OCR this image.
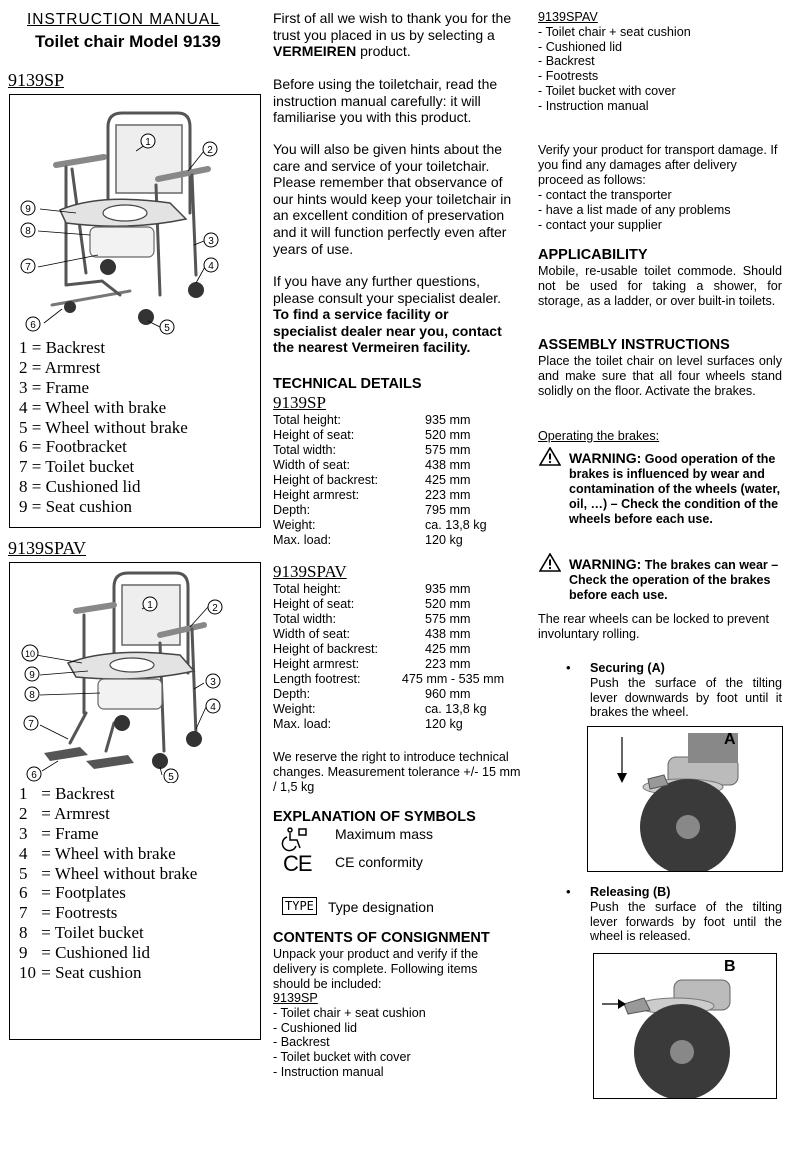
INSTRUCTION MANUAL
Toilet chair Model 9139
9139SP
1
2
3
4
5
6
7
8
9
1 = Backrest
2 = Armrest
3 = Frame
4 = Wheel with brake
5 = Wheel without brake
6 = Footbracket
7 = Toilet bucket
8 = Cushioned lid
9 = Seat cushion
9139SPAV
1	2
3
4
5
6
7
8
9
10
1 = Backrest
2 = Armrest
3 = Frame
4 = Wheel with brake
5 = Wheel without brake
6 = Footplates
7 = Footrests
8 = Toilet bucket
9 = Cushioned lid
10 = Seat cushion
First of all we wish to thank you for the trust you placed in us by selecting a VERMEIREN product.
Before using the toiletchair, read the instruction manual carefully: it will familiarise you with this product.
You will also be given hints about the care and service of your toiletchair. Please remember that observance of our hints would keep your toiletchair in an excellent condition of preservation and it will function perfectly even after years of use.
If you have any further questions, please consult your specialist dealer. To find a service facility or specialist dealer near you, contact the nearest Vermeiren facility.
TECHNICAL DETAILS
9139SP
Total height:	935 mm
Height of seat:	520 mm
Total width:	575 mm
Width of seat:	438 mm
Height of backrest:	425 mm
Height armrest:	223 mm
Depth:	795 mm
Weight:	ca. 13,8 kg
Max. load:	120 kg
9139SPAV
Total height:	935 mm
Height of seat:	520 mm
Total width:	575 mm
Width of seat:	438 mm
Height of backrest:	425 mm
Height armrest:	223 mm
Length footrest:	475 mm - 535 mm
Depth:	960 mm
Weight:	ca. 13,8 kg
Max. load:	120 kg
We reserve the right to introduce technical changes. Measurement tolerance +/- 15 mm / 1,5 kg
EXPLANATION OF SYMBOLS
Maximum mass
CE CE conformity
TYPE Type designation
CONTENTS OF CONSIGNMENT
Unpack your product and verify if the delivery is complete. Following items should be included:
9139SP
- Toilet chair + seat cushion
- Cushioned lid
- Backrest
- Toilet bucket with cover
- Instruction manual
9139SPAV
- Toilet chair + seat cushion
- Cushioned lid
- Backrest
- Footrests
- Toilet bucket with cover
- Instruction manual
Verify your product for transport damage. If you find any damages after delivery proceed as follows:
- contact the transporter
- have a list made of any problems
- contact your supplier
APPLICABILITY
Mobile, re-usable toilet commode. Should not be used for taking a shower, for storage, as a ladder, or over built-in toilets.
ASSEMBLY INSTRUCTIONS
Place the toilet chair on level surfaces only and make sure that all four wheels stand solidly on the floor. Activate the brakes.
Operating the brakes:
WARNING: Good operation of the brakes is influenced by wear and contamination of the wheels (water, oil, …) – Check the condition of the wheels before each use.
WARNING: The brakes can wear – Check the operation of the brakes before each use.
The rear wheels can be locked to prevent involuntary rolling.
• Securing (A)
Push the surface of the tilting lever downwards by foot until it brakes the wheel.
A
• Releasing (B)
Push the surface of the tilting lever forwards by foot until the wheel is released.
B
